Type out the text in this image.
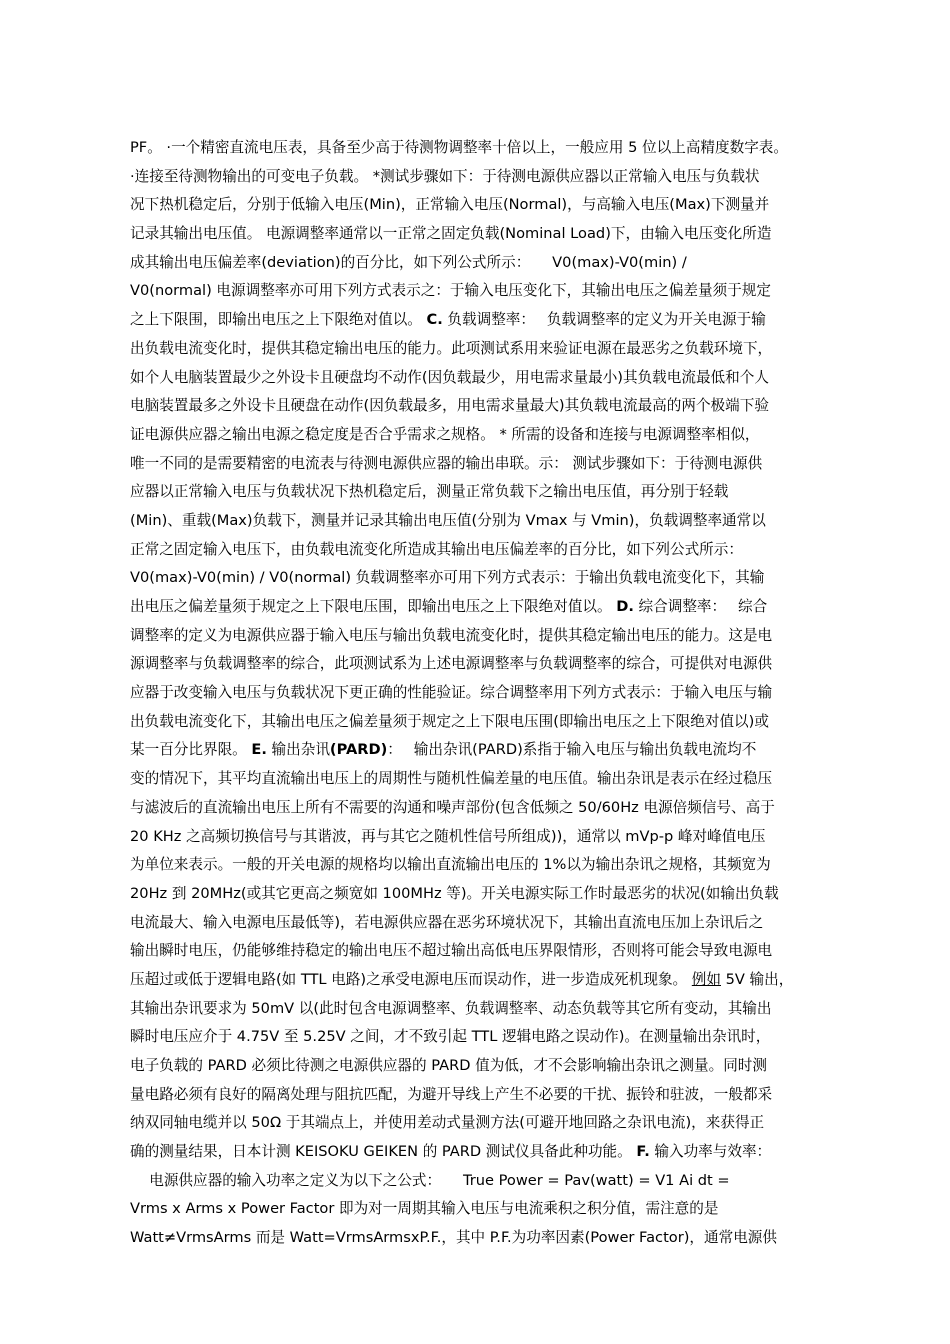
PF。 ·一个精密直流电压表，具备至少高于待测物调整率十倍以上，一般应用 5 位以上高精度数字表。
·连接至待测物输出的可变电子负载。 *测试步骤如下：于待测电源供应器以正常输入电压与负载状
况下热机稳定后，分别于低输入电压(Min)，正常输入电压(Normal)，与高输入电压(Max)下测量并
记录其输出电压值。 电源调整率通常以一正常之固定负载(Nominal Load)下，由输入电压变化所造
成其输出电压偏差率(deviation)的百分比，如下列公式所示：　　V0(max)-V0(min) /
V0(normal) 电源调整率亦可用下列方式表示之：于输入电压变化下，其输出电压之偏差量须于规定
之上下限围，即输出电压之上下限绝对值以。 C. 负载调整率：　 负载调整率的定义为开关电源于输
出负载电流变化时，提供其稳定输出电压的能力。此项测试系用来验证电源在最恶劣之负载环境下，
如个人电脑装置最少之外设卡且硬盘均不动作(因负载最少，用电需求量最小)其负载电流最低和个人
电脑装置最多之外设卡且硬盘在动作(因负载最多，用电需求量最大)其负载电流最高的两个极端下验
证电源供应器之输出电源之稳定度是否合乎需求之规格。 * 所需的设备和连接与电源调整率相似，
唯一不同的是需要精密的电流表与待测电源供应器的输出串联。示： 测试步骤如下：于待测电源供
应器以正常输入电压与负载状况下热机稳定后，测量正常负载下之输出电压值，再分别于轻载
(Min)、重载(Max)负载下，测量并记录其输出电压值(分别为 Vmax 与 Vmin)，负载调整率通常以
正常之固定输入电压下，由负载电流变化所造成其输出电压偏差率的百分比，如下列公式所示：
V0(max)-V0(min) / V0(normal) 负载调整率亦可用下列方式表示：于输出负载电流变化下，其输
出电压之偏差量须于规定之上下限电压围，即输出电压之上下限绝对值以。 D. 综合调整率：　 综合
调整率的定义为电源供应器于输入电压与输出负载电流变化时，提供其稳定输出电压的能力。这是电
源调整率与负载调整率的综合，此项测试系为上述电源调整率与负载调整率的综合，可提供对电源供
应器于改变输入电压与负载状况下更正确的性能验证。综合调整率用下列方式表示：于输入电压与输
出负载电流变化下，其输出电压之偏差量须于规定之上下限电压围(即输出电压之上下限绝对值以)或
某一百分比界限。 E. 输出杂讯(PARD)：　 输出杂讯(PARD)系指于输入电压与输出负载电流均不
变的情况下，其平均直流输出电压上的周期性与随机性偏差量的电压值。输出杂讯是表示在经过稳压
与滤波后的直流输出电压上所有不需要的沟通和噪声部份(包含低频之 50/60Hz 电源倍频信号、高于
20 KHz 之高频切换信号与其谐波，再与其它之随机性信号所组成))，通常以 mVp-p 峰对峰值电压
为单位来表示。一般的开关电源的规格均以输出直流输出电压的 1%以为输出杂讯之规格，其频宽为
20Hz 到 20MHz(或其它更高之频宽如 100MHz 等)。开关电源实际工作时最恶劣的状况(如输出负载
电流最大、输入电源电压最低等)，若电源供应器在恶劣环境状况下，其输出直流电压加上杂讯后之
输出瞬时电压，仍能够维持稳定的输出电压不超过输出高低电压界限情形，否则将可能会导致电源电
压超过或低于逻辑电路(如 TTL 电路)之承受电源电压而误动作，进一步造成死机现象。 例如 5V 输出，
其输出杂讯要求为 50mV 以(此时包含电源调整率、负载调整率、动态负载等其它所有变动，其输出
瞬时电压应介于 4.75V 至 5.25V 之间，才不致引起 TTL 逻辑电路之误动作)。在测量输出杂讯时，
电子负载的 PARD 必须比待测之电源供应器的 PARD 值为低，才不会影响输出杂讯之测量。同时测
量电路必须有良好的隔离处理与阻抗匹配，为避开导线上产生不必要的干扰、振铃和驻波，一般都采
纳双同轴电缆并以 50Ω 于其端点上，并使用差动式量测方法(可避开地回路之杂讯电流)，来获得正
确的测量结果，日本计测 KEISOKU GEIKEN 的 PARD 测试仪具备此种功能。 F. 输入功率与效率：
　 电源供应器的输入功率之定义为以下之公式：　　True Power = Pav(watt) = V1 Ai dt =
Vrms x Arms x Power Factor 即为对一周期其输入电压与电流乘积之积分值，需注意的是
Watt≠VrmsArms 而是 Watt=VrmsArmsxP.F.，其中 P.F.为功率因素(Power Factor)，通常电源供
